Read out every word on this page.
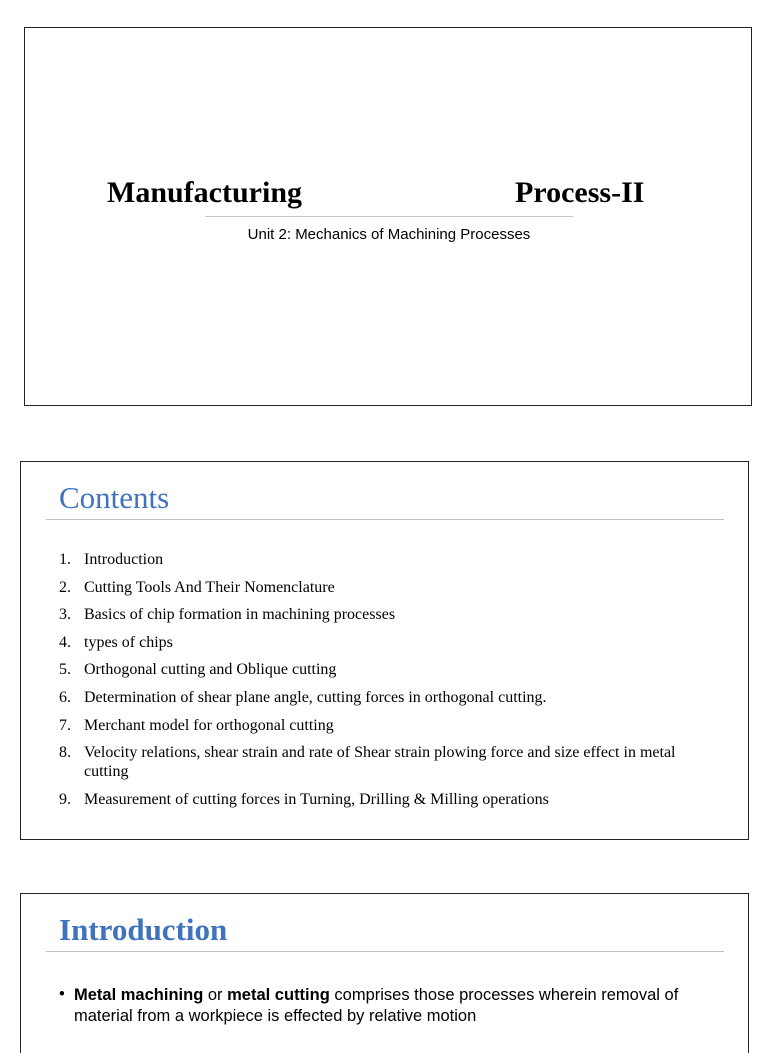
Manufacturing	Process-II
Unit 2: Mechanics of Machining Processes
Contents
1. Introduction
2. Cutting Tools And Their Nomenclature
3. Basics of chip formation in machining processes
4. types of chips
5. Orthogonal cutting and Oblique cutting
6. Determination of shear plane angle, cutting forces in orthogonal cutting.
7. Merchant model for orthogonal cutting
8. Velocity relations, shear strain and rate of Shear strain plowing force and size effect in metal cutting
9. Measurement of cutting forces in Turning, Drilling & Milling operations
Introduction
• Metal machining or metal cutting comprises those processes wherein removal of material from a workpiece is effected by relative motion
